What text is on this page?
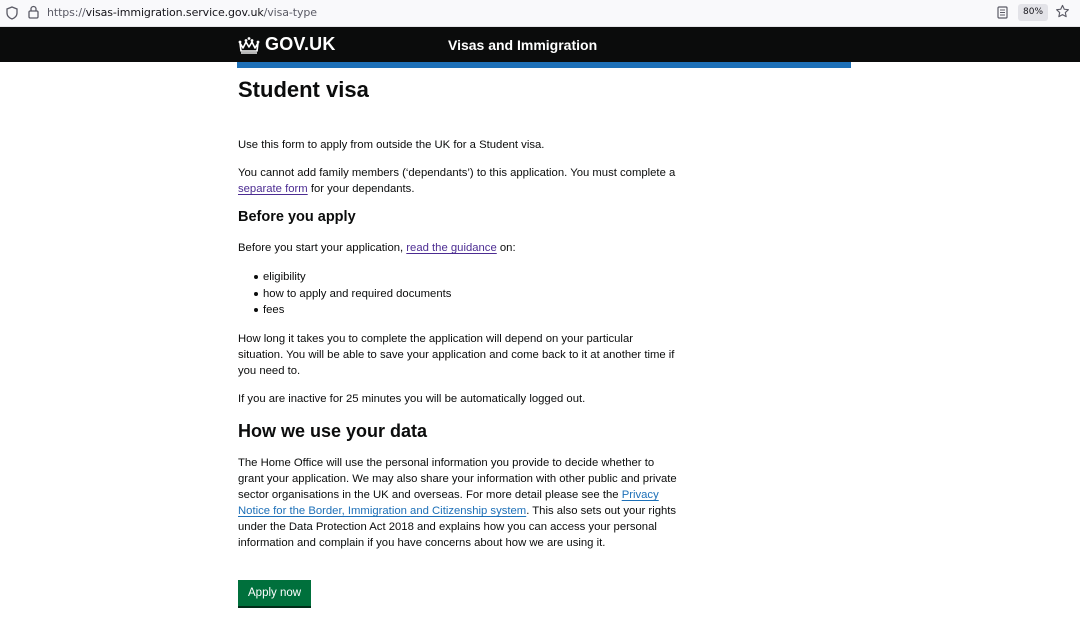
https://visas-immigration.service.gov.uk/visa-type	80%
GOV.UK	Visas and Immigration
Student visa

Use this form to apply from outside the UK for a Student visa.

You cannot add family members (‘dependants’) to this application. You must complete a separate form for your dependants.

Before you apply

Before you start your application, read the guidance on:

eligibility
how to apply and required documents
fees

How long it takes you to complete the application will depend on your particular situation. You will be able to save your application and come back to it at another time if you need to.

If you are inactive for 25 minutes you will be automatically logged out.

How we use your data

The Home Office will use the personal information you provide to decide whether to grant your application. We may also share your information with other public and private sector organisations in the UK and overseas. For more detail please see the Privacy Notice for the Border, Immigration and Citizenship system. This also sets out your rights under the Data Protection Act 2018 and explains how you can access your personal information and complain if you have concerns about how we are using it.

Apply now
